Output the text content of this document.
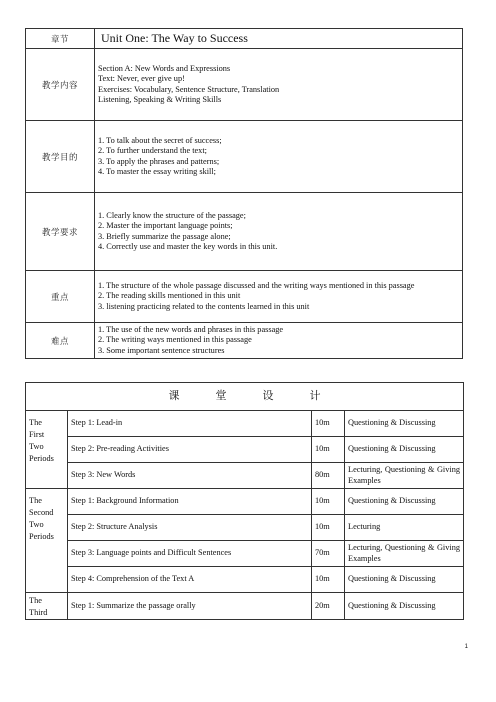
章节	Unit One: The Way to Success
教学内容	Section A: New Words and Expressions
Text: Never, ever give up!
Exercises: Vocabulary, Sentence Structure, Translation
Listening, Speaking & Writing Skills

教学目的	1. To talk about the secret of success;
2. To further understand the text;
3. To apply the phrases and patterns;
4. To master the essay writing skill;

教学要求	1. Clearly know the structure of the passage;
2. Master the important language points;
3. Briefly summarize the passage alone;
4. Correctly use and master the key words in this unit.

重点	1. The structure of the whole passage discussed and the writing ways mentioned in this passage
2. The reading skills mentioned in this unit
3. listening practicing related to the contents learned in this unit

难点	1. The use of the new words and phrases in this passage
2. The writing ways mentioned in this passage
3. Some important sentence structures
课 堂 设 计			

The
First
Two
Periods	Step 1: Lead-in	10m	Questioning & Discussing
	Step 2: Pre-reading Activities	10m	Questioning & Discussing
	Step 3: New Words	80m	Lecturing, Questioning & Giving Examples

The
Second
Two
Periods	Step 1: Background Information	10m	Questioning & Discussing
	Step 2: Structure Analysis	10m	Lecturing
	Step 3: Language points and Difficult Sentences	70m	Lecturing, Questioning & Giving Examples
	Step 4: Comprehension of the Text A	10m	Questioning & Discussing

The
Third	Step 1: Summarize the passage orally	20m	Questioning & Discussing
1
